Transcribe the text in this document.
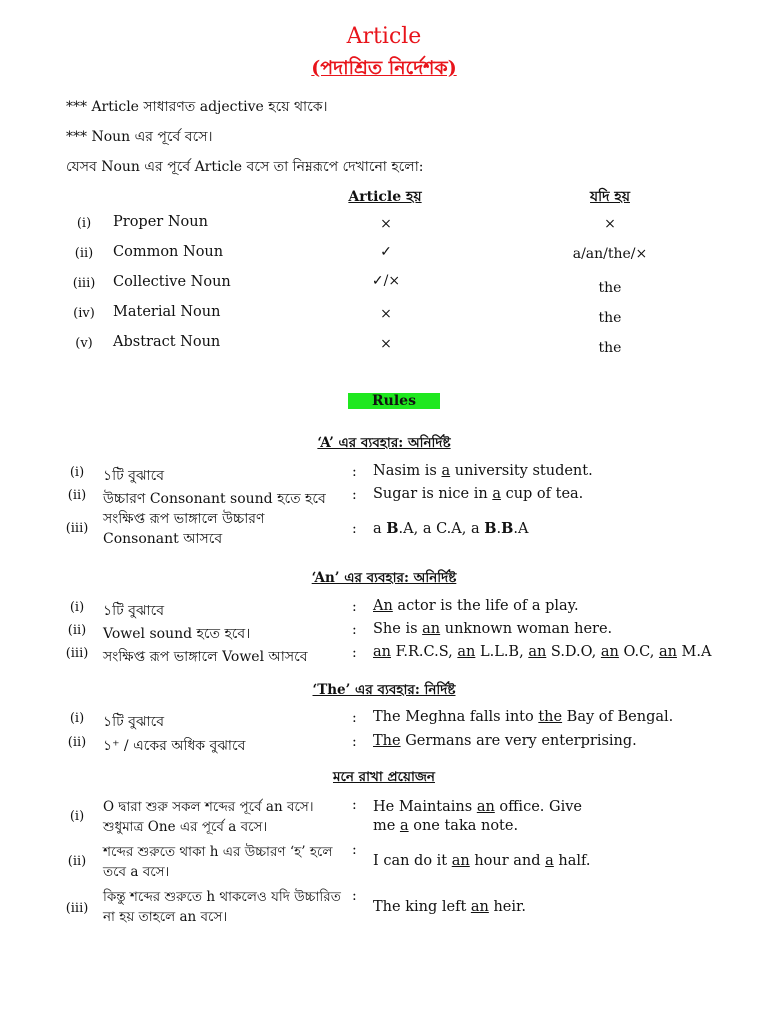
Article
(পদাশ্রিত নির্দেশক)
*** Article সাধারণত adjective হয়ে থাকে।
*** Noun এর পূর্বে বসে।
যেসব Noun এর পূর্বে Article বসে তা নিম্নরূপে দেখানো হলো:
Article হয়	যদি হয়
(i)	Proper Noun	×	×
(ii)	Common Noun	✓	a/an/the/×
(iii)	Collective Noun	✓/×	the
(iv)	Material Noun	×	the
(v)	Abstract Noun	×	the
Rules
‘A’ এর ব্যবহার: অনির্দিষ্ট
(i)	১টি বুঝাবে	: Nasim is a university student.
(ii)	উচ্চারণ Consonant sound হতে হবে : Sugar is nice in a cup of tea.
(iii)
সংক্ষিপ্ত রূপ ভাঙ্গালে উচ্চারণ Consonant আসবে
: a B.A, a C.A, a B.B.A
‘An’ এর ব্যবহার: অনির্দিষ্ট
(i)	১টি বুঝাবে	: An actor is the life of a play.
(ii)	Vowel sound হতে হবে।	: She is an unknown woman here.
(iii)	সংক্ষিপ্ত রূপ ভাঙ্গালে Vowel আসবে	: an F.R.C.S, an L.L.B, an S.D.O, an O.C, an M.A
‘The’ এর ব্যবহার: নির্দিষ্ট
(i)	১টি বুঝাবে	: The Meghna falls into the Bay of Bengal.
(ii)	১⁺ / একের অধিক বুঝাবে	: The Germans are very enterprising.
মনে রাখা প্রয়োজন
(i)
O দ্বারা শুরু সকল শব্দের পূর্বে an বসে। শুধুমাত্র One এর পূর্বে a বসে।
: He Maintains an office. Give me a one taka note.
(ii)
শব্দের শুরুতে থাকা h এর উচ্চারণ ‘হ’ হলে তবে a বসে।
:
I can do it an hour and a half.
(iii)
কিন্তু শব্দের শুরুতে h থাকলেও যদি উচ্চারিত না হয় তাহলে an বসে।
:
The king left an heir.
